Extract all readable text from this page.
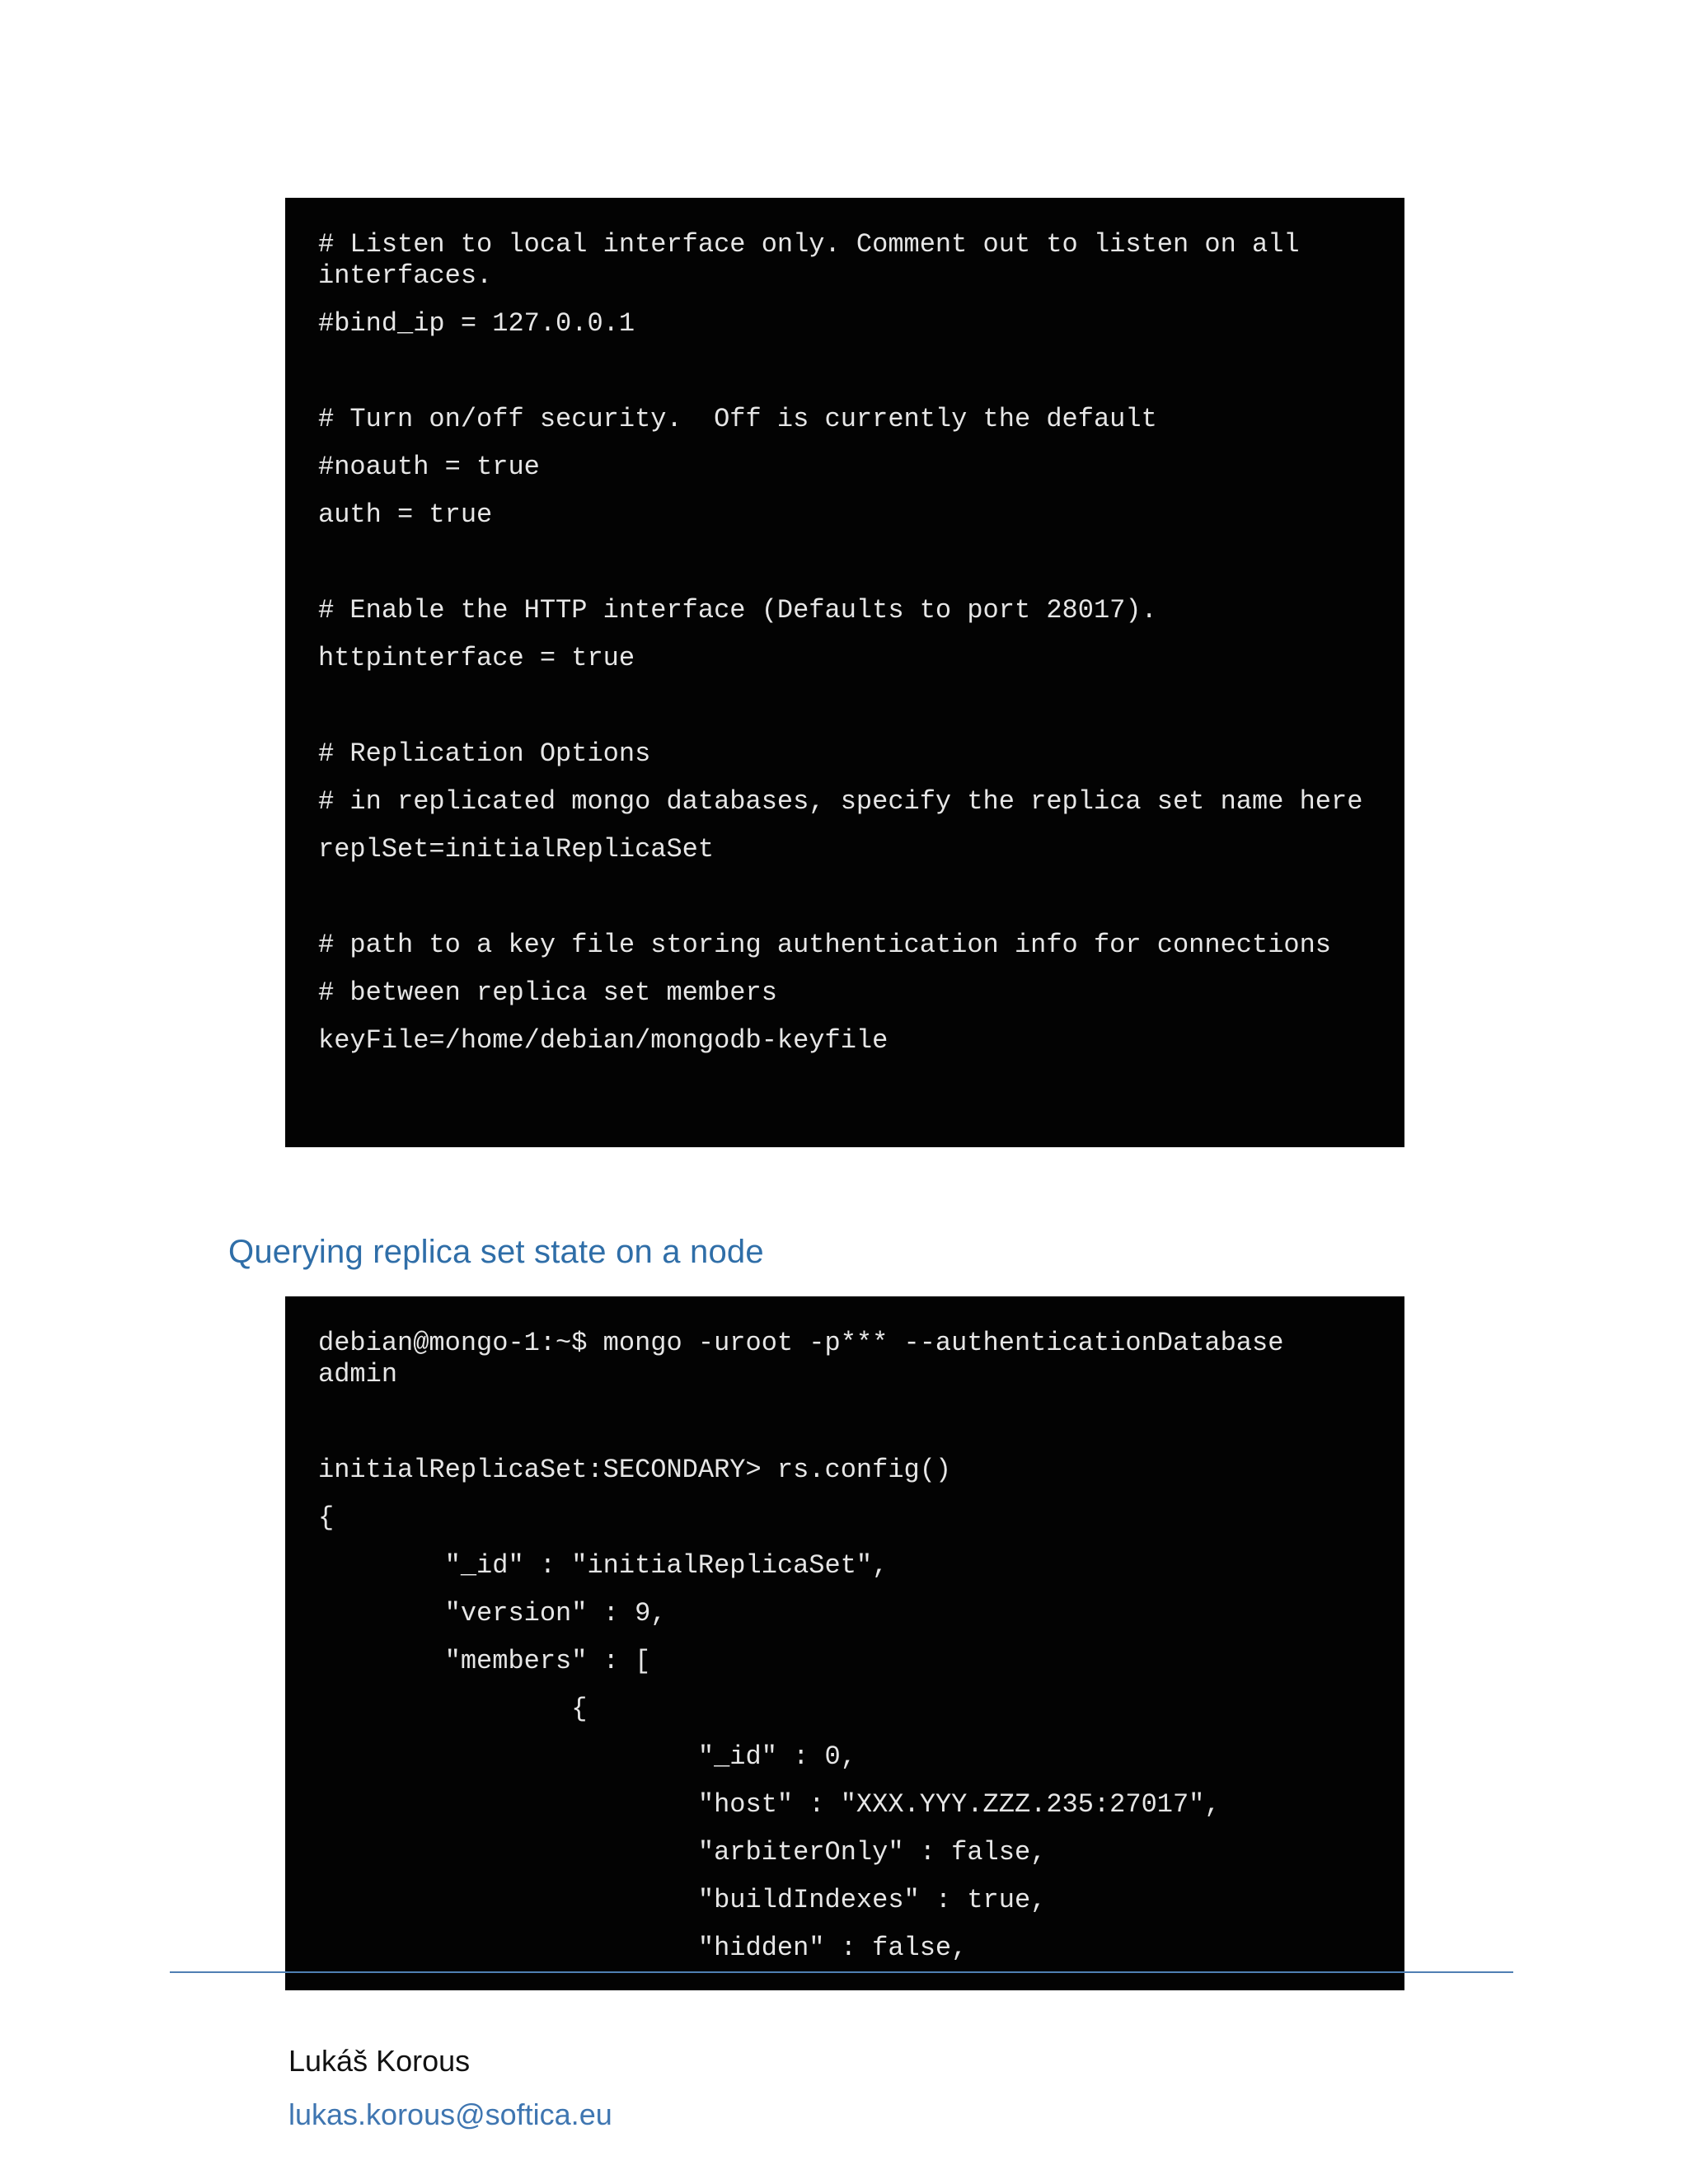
# Listen to local interface only. Comment out to listen on all interfaces.
#bind_ip = 127.0.0.1
# Turn on/off security.  Off is currently the default
#noauth = true
auth = true
# Enable the HTTP interface (Defaults to port 28017).
httpinterface = true
# Replication Options
# in replicated mongo databases, specify the replica set name here
replSet=initialReplicaSet
# path to a key file storing authentication info for connections
# between replica set members
keyFile=/home/debian/mongodb-keyfile
Querying replica set state on a node
debian@mongo-1:~$ mongo -uroot -p*** --authenticationDatabase admin
initialReplicaSet:SECONDARY> rs.config()
{
"_id" : "initialReplicaSet",
"version" : 9,
"members" : [
{
"_id" : 0,
"host" : "XXX.YYY.ZZZ.235:27017",
"arbiterOnly" : false,
"buildIndexes" : true,
"hidden" : false,
Lukáš Korous
lukas.korous@softica.eu
